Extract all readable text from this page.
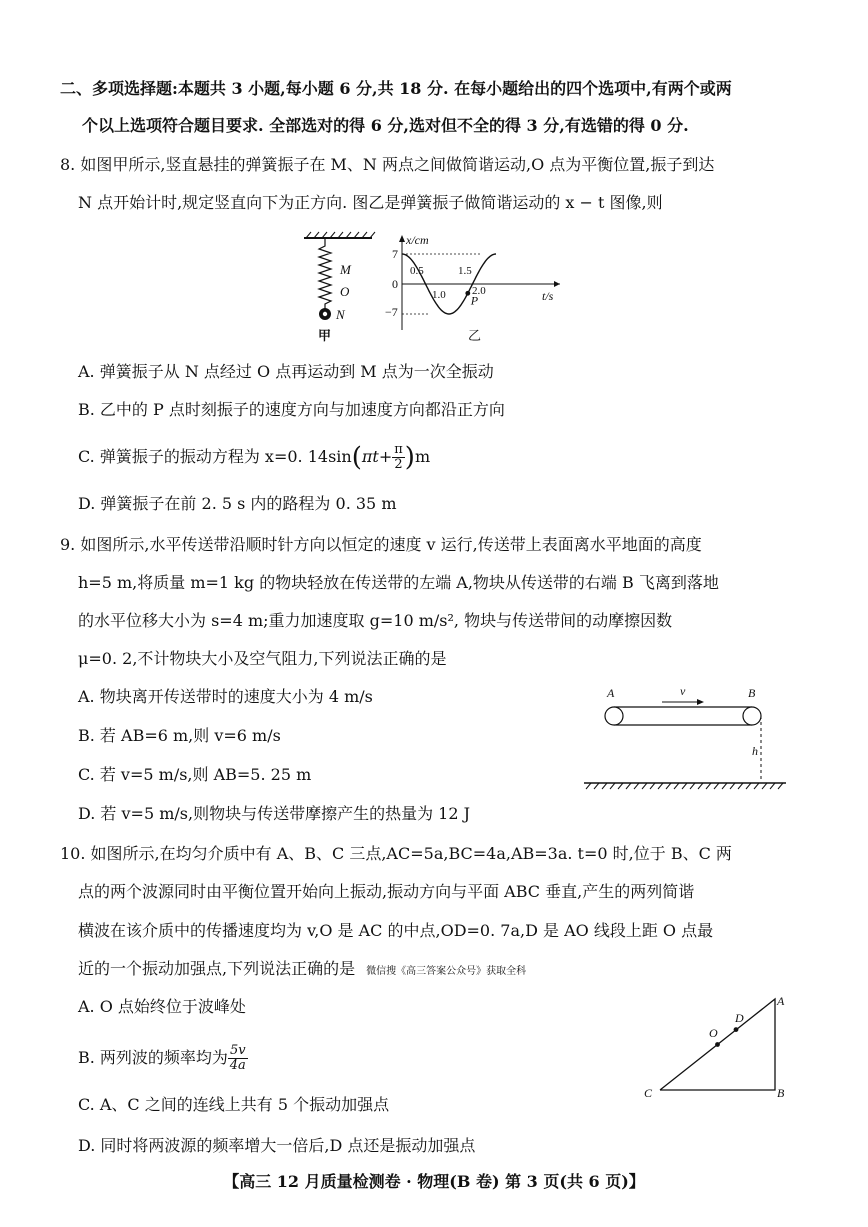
二、多项选择题:本题共 3 小题,每小题 6 分,共 18 分. 在每小题给出的四个选项中,有两个或两
个以上选项符合题目要求. 全部选对的得 6 分,选对但不全的得 3 分,有选错的得 0 分.
8. 如图甲所示,竖直悬挂的弹簧振子在 M、N 两点之间做简谐运动,O 点为平衡位置,振子到达
N 点开始计时,规定竖直向下为正方向. 图乙是弹簧振子做简谐运动的 x − t 图像,则
M
O
N
甲
x/cm
t/s
0
7
−7
0.5
1.0
1.5
2.0
P
乙
A. 弹簧振子从 N 点经过 O 点再运动到 M 点为一次全振动
B. 乙中的 P 点时刻振子的速度方向与加速度方向都沿正方向
C. 弹簧振子的振动方程为 x=0. $14\sin(\pi t+ \frac{\pi}{2} )m$
D. 弹簧振子在前 2. 5 s 内的路程为 0. 35 m
9. 如图所示,水平传送带沿顺时针方向以恒定的速度 v 运行,传送带上表面离水平地面的高度
h=5 m,将质量 m=1 kg 的物块轻放在传送带的左端 A,物块从传送带的右端 B 飞离到落地
的水平位移大小为 s=4 m;重力加速度取 g=10 m/s², 物块与传送带间的动摩擦因数
μ=0. 2,不计物块大小及空气阻力,下列说法正确的是
A. 物块离开传送带时的速度大小为 4 m/s
B. 若 AB=6 m,则 v=6 m/s
C. 若 v=5 m/s,则 AB=5. 25 m
D. 若 v=5 m/s,则物块与传送带摩擦产生的热量为 12 J
A	B
v
h
10. 如图所示,在均匀介质中有 A、B、C 三点,AC=5a,BC=4a,AB=3a. t=0 时,位于 B、C 两
点的两个波源同时由平衡位置开始向上振动,振动方向与平面 ABC 垂直,产生的两列简谐
横波在该介质中的传播速度均为 v,O 是 AC 的中点,OD=0. 7a,D 是 AO 线段上距 O 点最
近的一个振动加强点,下列说法正确的是 微信搜《高三答案公众号》获取全科
A. O 点始终位于波峰处
B. 两列波的频率均为 $\frac{5v}{4a}$
C. A、C 之间的连线上共有 5 个振动加强点
D. 同时将两波源的频率增大一倍后,D 点还是振动加强点
A
B
C
O
D
【高三 12 月质量检测卷 · 物理(B 卷) 第 3 页(共 6 页)】
